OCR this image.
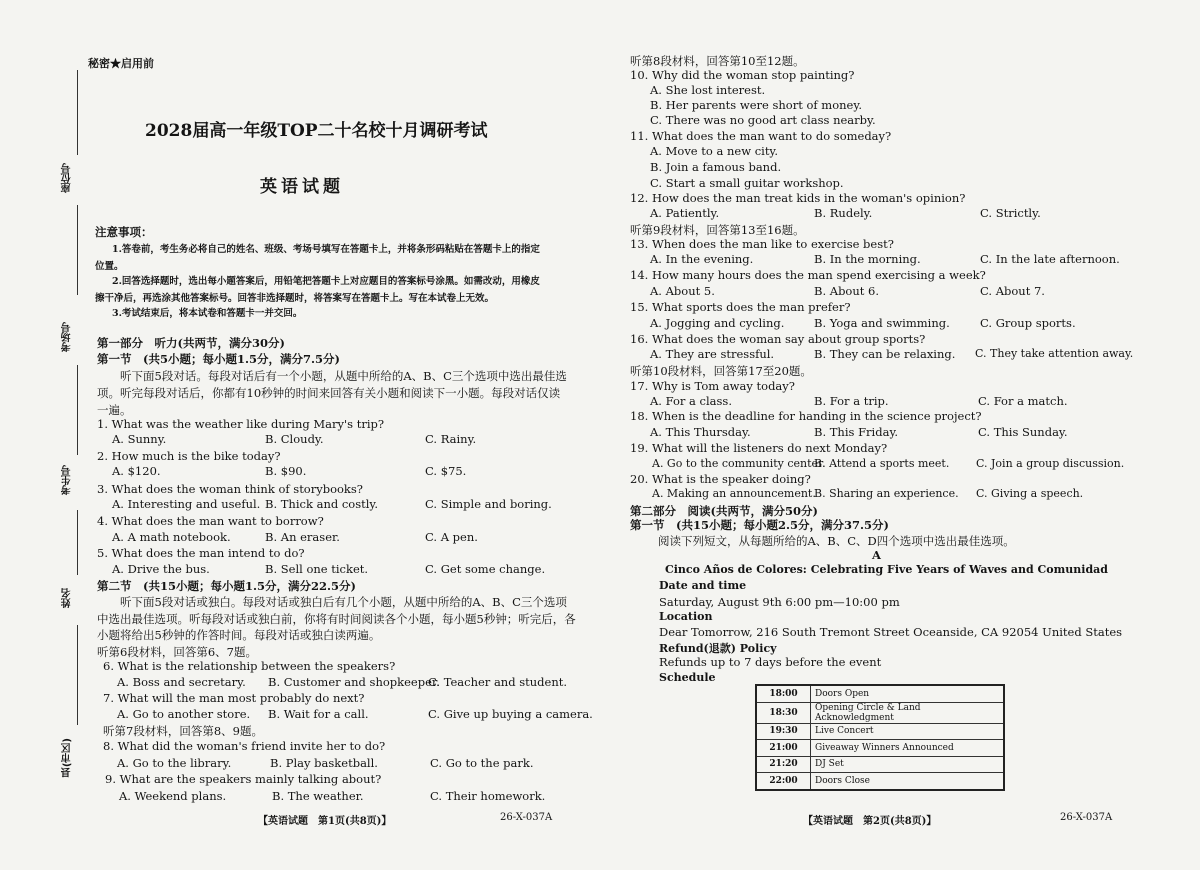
秘密★启用前
2028届高一年级TOP二十名校十月调研考试
英语试题
注意事项：
1.答卷前，考生务必将自己的姓名、班级、考场号填写在答题卡上，并将条形码粘贴在答题卡上的指定
位置。
2.回答选择题时，选出每小题答案后，用铅笔把答题卡上对应题目的答案标号涂黑。如需改动，用橡皮
擦干净后，再选涂其他答案标号。回答非选择题时，将答案写在答题卡上。写在本试卷上无效。
3.考试结束后，将本试卷和答题卡一并交回。
第一部分　听力(共两节，满分30分)
第一节　(共5小题；每小题1.5分，满分7.5分)
听下面5段对话。每段对话后有一个小题，从题中所给的A、B、C三个选项中选出最佳选
项。听完每段对话后，你都有10秒钟的时间来回答有关小题和阅读下一小题。每段对话仅读
一遍。
1. What was the weather like during Mary's trip?
A. Sunny.	B. Cloudy.	C. Rainy.
2. How much is the bike today?
A. $120.	B. $90.	C. $75.
3. What does the woman think of storybooks?
A. Interesting and useful. B. Thick and costly.	C. Simple and boring.
4. What does the man want to borrow?
A. A math notebook.	B. An eraser.	C. A pen.
5. What does the man intend to do?
A. Drive the bus.	B. Sell one ticket.	C. Get some change.
第二节　(共15小题；每小题1.5分，满分22.5分)
听下面5段对话或独白。每段对话或独白后有几个小题，从题中所给的A、B、C三个选项
中选出最佳选项。听每段对话或独白前，你将有时间阅读各个小题，每小题5秒钟；听完后，各
小题将给出5秒钟的作答时间。每段对话或独白读两遍。
听第6段材料，回答第6、7题。
6. What is the relationship between the speakers?
A. Boss and secretary. B. Customer and shopkeeper.
C. Teacher and student.
7. What will the man most probably do next?
A. Go to another store. B. Wait for a call.	C. Give up buying a camera.
听第7段材料，回答第8、9题。
8. What did the woman's friend invite her to do?
A. Go to the library.	B. Play basketball.	C. Go to the park.
9. What are the speakers mainly talking about?
A. Weekend plans.	B. The weather.	C. Their homework.
【英语试题　第1页(共8页)】	26-X-037A
座位号
考场号
考生号
姓名
县(市区)
听第8段材料，回答第10至12题。
10. Why did the woman stop painting?
A. She lost interest.
B. Her parents were short of money.
C. There was no good art class nearby.
11. What does the man want to do someday?
A. Move to a new city.
B. Join a famous band.
C. Start a small guitar workshop.
12. How does the man treat kids in the woman's opinion?
A. Patiently.	B. Rudely.	C. Strictly.
听第9段材料，回答第13至16题。
13. When does the man like to exercise best?
A. In the evening.	B. In the morning.	C. In the late afternoon.
14. How many hours does the man spend exercising a week?
A. About 5.	B. About 6.	C. About 7.
15. What sports does the man prefer?
A. Jogging and cycling.	B. Yoga and swimming.	C. Group sports.
16. What does the woman say about group sports?
A. They are stressful.	B. They can be relaxing. C. They take attention away.
听第10段材料，回答第17至20题。
17. Why is Tom away today?
A. For a class.	B. For a trip.	C. For a match.
18. When is the deadline for handing in the science project?
A. This Thursday.	B. This Friday.	C. This Sunday.
19. What will the listeners do next Monday?
A. Go to the community center.
B. Attend a sports meet. C. Join a group discussion.
20. What is the speaker doing?
A. Making an announcement.
B. Sharing an experience. C. Giving a speech.
第二部分　阅读(共两节，满分50分)
第一节　(共15小题；每小题2.5分，满分37.5分)
阅读下列短文，从每题所给的A、B、C、D四个选项中选出最佳选项。
A
Cinco Años de Colores: Celebrating Five Years of Waves and Comunidad
Date and time
Saturday, August 9th 6:00 pm—10:00 pm
Location
Dear Tomorrow, 216 South Tremont Street Oceanside, CA 92054 United States
Refund(退款) Policy
Refunds up to 7 days before the event
Schedule
18:00	Doors Open
18:30	Opening Circle & Land Acknowledgment
19:30	Live Concert
21:00	Giveaway Winners Announced
21:20	DJ Set
22:00	Doors Close
【英语试题　第2页(共8页)】	26-X-037A
